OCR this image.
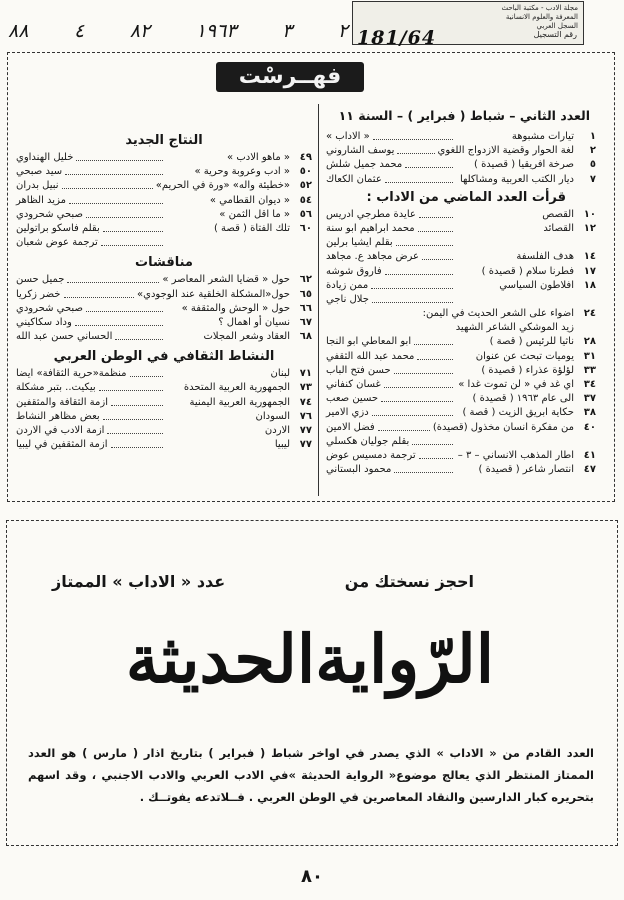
مجلة الادب - مكتبة الباحث
المعرفة والعلوم الانسانية
السجل العربي
رقم التسجيل
181/64
٨٨ ٤ ٨٢ ١٩٦٣ ٣ ٢
فهــرسْت
العدد الثاني – شباط ( فبراير ) – السنة ١١
١
تيارات مشبوهة
« الاداب »
٢
لغة الحوار وقضية الازدواج اللغوي
يوسف الشاروني
٥
صرخة افريقيا ( قصيدة )
محمد جميل شلش
٧
ديار الكتب العربية ومشاكلها
عثمان الكعاك
قرأت العدد الماضي من الاداب :
١٠
القصص
عايدة مطرجي ادريس
١٢
القصائد
محمد ابراهيم ابو سنة
بقلم ايشيا برلين
١٤
هدف الفلسفة
عرض مجاهد ع. مجاهد
١٧
فطرنا سلام ( قصيدة )
فاروق شوشه
١٨
افلاطون السياسي
ممن زيادة
جلال ناجي
٢٤
اضواء على الشعر الحديث في اليمن:
زيد الموشكي الشاعر الشهيد
٢٨
ناثيا للرئيس ( قصة )
ابو المعاطي ابو النجا
٣١
يوميات تبحث عن عنوان
محمد عبد الله الثقفي
٣٣
لؤلؤة عذراء ( قصيدة )
حسن فتح الباب
٣٤
اي غد في « لن تموت غدا »
غسان كنفاني
٣٧
الى عام ١٩٦٣ ( قصيدة )
حسين صعب
٣٨
حكاية ابريق الزيت ( قصة )
دزي الامير
٤٠
من مفكرة انسان مخذول (قصيدة)
فضل الامين
بقلم جوليان هكسلي
٤١
اطار المذهب الانساني – ٣ –
ترجمة دمسيس عوض
٤٧
انتصار شاعر ( قصيدة )
محمود البستاني
النتاج الجديد
٤٩
« ماهو الادب »
خليل الهنداوي
٥٠
« ادب وعروبة وحرية »
سيد صبحي
٥٢
«خطيئة واله» «ورة في الحريم»
نبيل بدران
٥٤
« ديوان القطامي »
مزيد الظاهر
٥٦
« ما اقل الثمن »
صبحي شحرودي
٦٠
تلك الفتاة ( قصة )
بقلم فاسكو براتولين
ترجمة عوض شعبان
مناقشات
٦٢
حول « قضايا الشعر المعاصر »
جميل حسن
٦٥
حول«المشكلة الخلقية عند الوجودي»
خضر زكريا
٦٦
حول « الوحش والمثقفة »
صبحي شحرودي
٦٧
نسيان أو اهمال ؟
وداد سكاكيني
٦٨
العقاد وشعر المجلات
الحساني حسن عبد الله
النشاط الثقافي في الوطن العربي
٧١
لبنان
منظمة«حرية الثقافة» ايضا
٧٣
الجمهورية العربية المتحدة
بيكيت.. بتبر مشكلة
٧٤
الجمهورية العربية اليمنية
ازمة الثقافة والمثقفين
٧٦
السودان
بعض مظاهر النشاط
٧٧
الاردن
ازمة الادب في الاردن
٧٧
ليبيا
ازمة المثقفين في ليبيا
احجز نسختك من
عدد « الاداب » الممتاز
الرّوايةالحديثة
العدد القادم من « الاداب » الذي يصدر في اواخر شباط ( فبراير ) بتاريخ اذار ( مارس ) هو العدد الممتاز المنتظر الذي يعالج موضوع« الرواية الحديثة »في الادب العربي والادب الاجنبي ، وقد اسهم بتحريره كبار الدارسين والنقاد المعاصرين في الوطن العربي . فــلاتدعه يفوتــك .
٨٠
